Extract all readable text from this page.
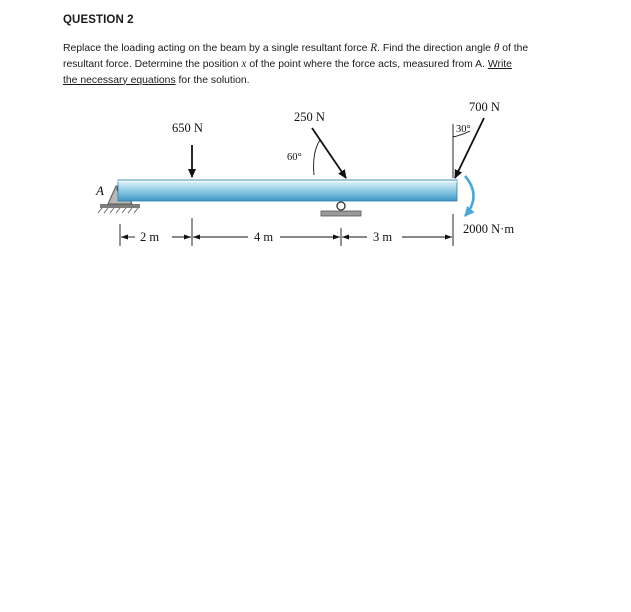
QUESTION 2
Replace the loading acting on the beam by a single resultant force R. Find the direction angle θ of the
resultant force. Determine the position x of the point where the force acts, measured from A. Write
the necessary equations for the solution.
A
650 N
250 N
60°
700 N
30°
2000 N·m
2 m	4 m	3 m
